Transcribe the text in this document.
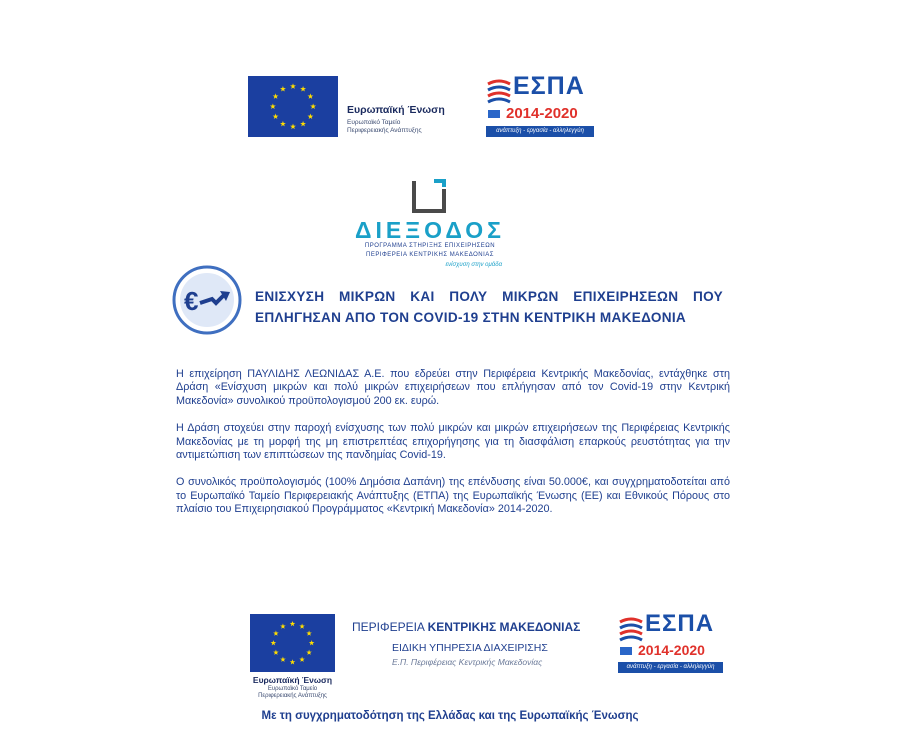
Ευρωπαϊκή Ένωση
Ευρωπαϊκό Ταμείο
Περιφερειακής Ανάπτυξης
ΕΣΠΑ
2014-2020
ανάπτυξη - εργασία - αλληλεγγύη
ΔΙΕΞΟΔΟΣ
ΠΡΟΓΡΑΜΜΑ ΣΤΗΡΙΞΗΣ ΕΠΙΧΕΙΡΗΣΕΩΝ
ΠΕΡΙΦΕΡΕΙΑ ΚΕΝΤΡΙΚΗΣ ΜΑΚΕΔΟΝΙΑΣ
ενίσχυση στην ομάδα
€	ΕΝΙΣΧΥΣΗ ΜΙΚΡΩΝ ΚΑΙ ΠΟΛΥ ΜΙΚΡΩΝ ΕΠΙΧΕΙΡΗΣΕΩΝ ΠΟΥ
ΕΠΛΗΓΗΣΑΝ ΑΠΟ ΤΟΝ COVID-19 ΣΤΗΝ ΚΕΝΤΡΙΚΗ ΜΑΚΕΔΟΝΙΑ

Η επιχείρηση ΠΑΥΛΙΔΗΣ ΛΕΩΝΙΔΑΣ Α.Ε. που εδρεύει στην Περιφέρεια Κεντρικής Μακεδονίας, εντάχθηκε στη Δράση «Ενίσχυση μικρών και πολύ μικρών επιχειρήσεων που επλήγησαν από τον Covid-19 στην Κεντρική Μακεδονία» συνολικού προϋπολογισμού 200 εκ. ευρώ.

Η Δράση στοχεύει στην παροχή ενίσχυσης των πολύ μικρών και μικρών επιχειρήσεων της Περιφέρειας Κεντρικής Μακεδονίας με τη μορφή της μη επιστρεπτέας επιχορήγησης για τη διασφάλιση επαρκούς ρευστότητας για την αντιμετώπιση των επιπτώσεων της πανδημίας Covid-19.

Ο συνολικός προϋπολογισμός (100% Δημόσια Δαπάνη) της επένδυσης είναι 50.000€, και συγχρηματοδοτείται από το Ευρωπαϊκό Ταμείο Περιφερειακής Ανάπτυξης (ΕΤΠΑ) της Ευρωπαϊκής Ένωσης (ΕΕ) και Εθνικούς Πόρους στο πλαίσιο του Επιχειρησιακού Προγράμματος «Κεντρική Μακεδονία» 2014-2020.

Ευρωπαϊκή Ένωση
Ευρωπαϊκό Ταμείο
Περιφερειακής Ανάπτυξης
ΠΕΡΙΦΕΡΕΙΑ ΚΕΝΤΡΙΚΗΣ ΜΑΚΕΔΟΝΙΑΣ
ΕΙΔΙΚΗ ΥΠΗΡΕΣΙΑ ΔΙΑΧΕΙΡΙΣΗΣ
Ε.Π. Περιφέρειας Κεντρικής Μακεδονίας
ΕΣΠΑ
2014-2020
ανάπτυξη - εργασία - αλληλεγγύη
Με τη συγχρηματοδότηση της Ελλάδας και της Ευρωπαϊκής Ένωσης
